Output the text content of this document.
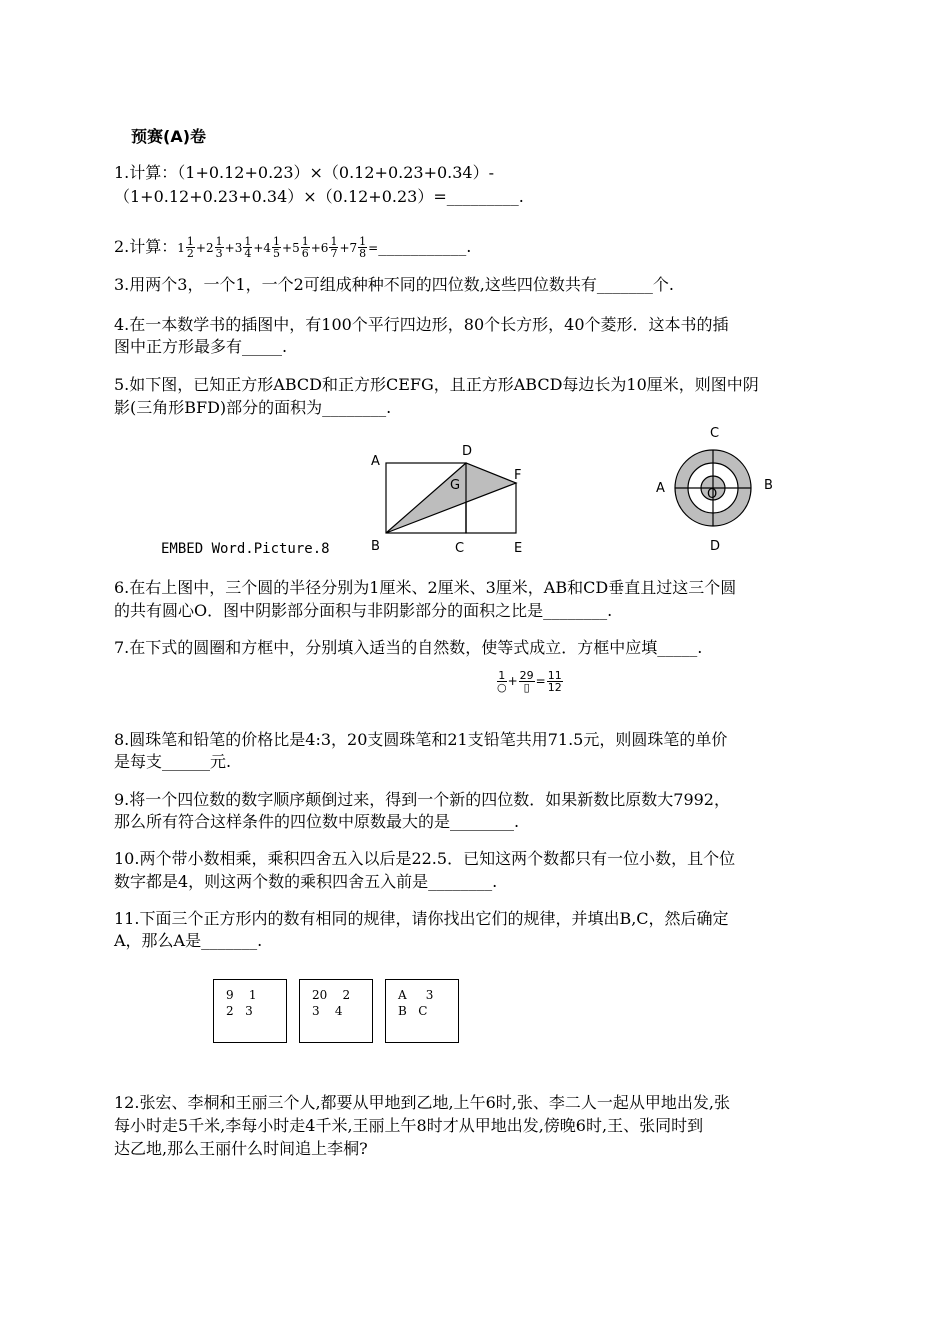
预赛(A)卷
1.计算：（1+0.12+0.23）×（0.12+0.23+0.34）-
（1+0.12+0.23+0.34）×（0.12+0.23）=_________.
2.计算：$1 \frac{1}{2} +2 \frac{1}{3} +3 \frac{1}{4} +4 \frac{1}{5} +5 \frac{1}{6} +6 \frac{1}{7} +7 \frac{1}{8}$ =___________.
3.用两个3，一个1，一个2可组成种种不同的四位数,这些四位数共有_______个.
4.在一本数学书的插图中，有100个平行四边形，80个长方形，40个菱形．这本书的插
图中正方形最多有_____.
5.如下图，已知正方形ABCD和正方形CEFG，且正方形ABCD每边长为10厘米，则图中阴
影(三角形BFD)部分的面积为________.
A
D
F
G
B	C	E
EMBED Word.Picture.8
C
A	B
O
D
6.在右上图中，三个圆的半径分别为1厘米、2厘米、3厘米，AB和CD垂直且过这三个圆
的共有圆心O．图中阴影部分面积与非阴影部分的面积之比是________.
7.在下式的圆圈和方框中，分别填入适当的自然数，使等式成立．方框中应填_____.
$\frac{1}{○} + \frac{29}{▯} = \frac{11}{12}$
8.圆珠笔和铅笔的价格比是4:3，20支圆珠笔和21支铅笔共用71.5元，则圆珠笔的单价
是每支______元.
9.将一个四位数的数字顺序颠倒过来，得到一个新的四位数．如果新数比原数大7992，
那么所有符合这样条件的四位数中原数最大的是________.
10.两个带小数相乘，乘积四舍五入以后是22.5．已知这两个数都只有一位小数，且个位
数字都是4，则这两个数的乘积四舍五入前是________.
11.下面三个正方形内的数有相同的规律，请你找出它们的规律，并填出B,C，然后确定
A，那么A是_______.
9    1
2   3
20    2
3    4
A     3
B   C
12.张宏、李桐和王丽三个人,都要从甲地到乙地,上午6时,张、李二人一起从甲地出发,张
每小时走5千米,李每小时走4千米,王丽上午8时才从甲地出发,傍晚6时,王、张同时到
达乙地,那么王丽什么时间追上李桐?
